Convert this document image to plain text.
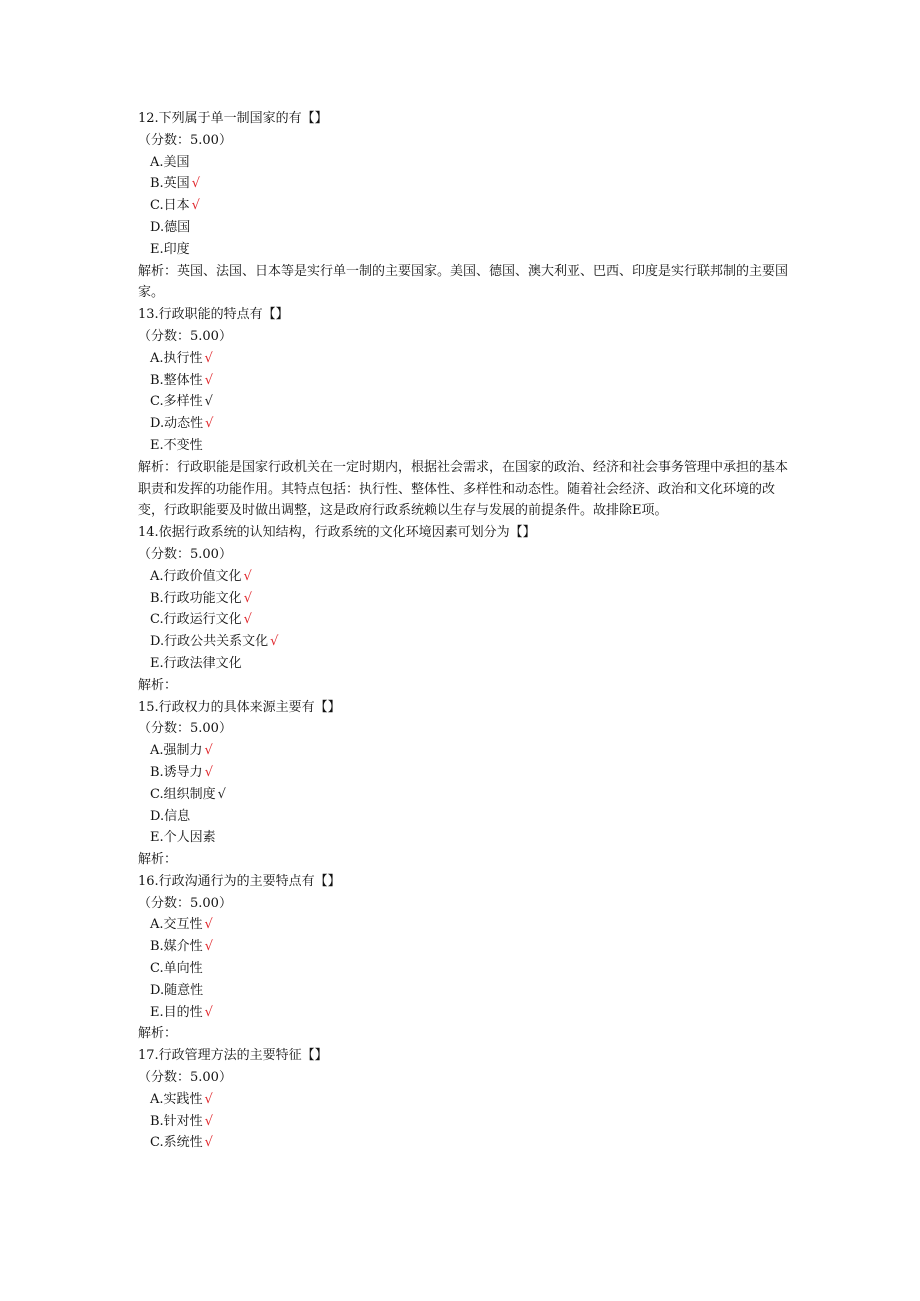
12.下列属于单一制国家的有【】
（分数：5.00）
A.美国
B.英国 √
C.日本 √
D.德国
E.印度
解析：英国、法国、日本等是实行单一制的主要国家。美国、德国、澳大利亚、巴西、印度是实行联邦制的主要国家。
13.行政职能的特点有【】
（分数：5.00）
A.执行性 √
B.整体性 √
C.多样性 √
D.动态性 √
E.不变性
解析：行政职能是国家行政机关在一定时期内，根据社会需求，在国家的政治、经济和社会事务管理中承担的基本职责和发挥的功能作用。其特点包括：执行性、整体性、多样性和动态性。随着社会经济、政治和文化环境的改变，行政职能要及时做出调整，这是政府行政系统赖以生存与发展的前提条件。故排除E项。
14.依据行政系统的认知结构，行政系统的文化环境因素可划分为【】
（分数：5.00）
A.行政价值文化 √
B.行政功能文化 √
C.行政运行文化 √
D.行政公共关系文化 √
E.行政法律文化
解析：
15.行政权力的具体来源主要有【】
（分数：5.00）
A.强制力 √
B.诱导力 √
C.组织制度 √
D.信息
E.个人因素
解析：
16.行政沟通行为的主要特点有【】
（分数：5.00）
A.交互性 √
B.媒介性 √
C.单向性
D.随意性
E.目的性 √
解析：
17.行政管理方法的主要特征【】
（分数：5.00）
A.实践性 √
B.针对性 √
C.系统性 √
